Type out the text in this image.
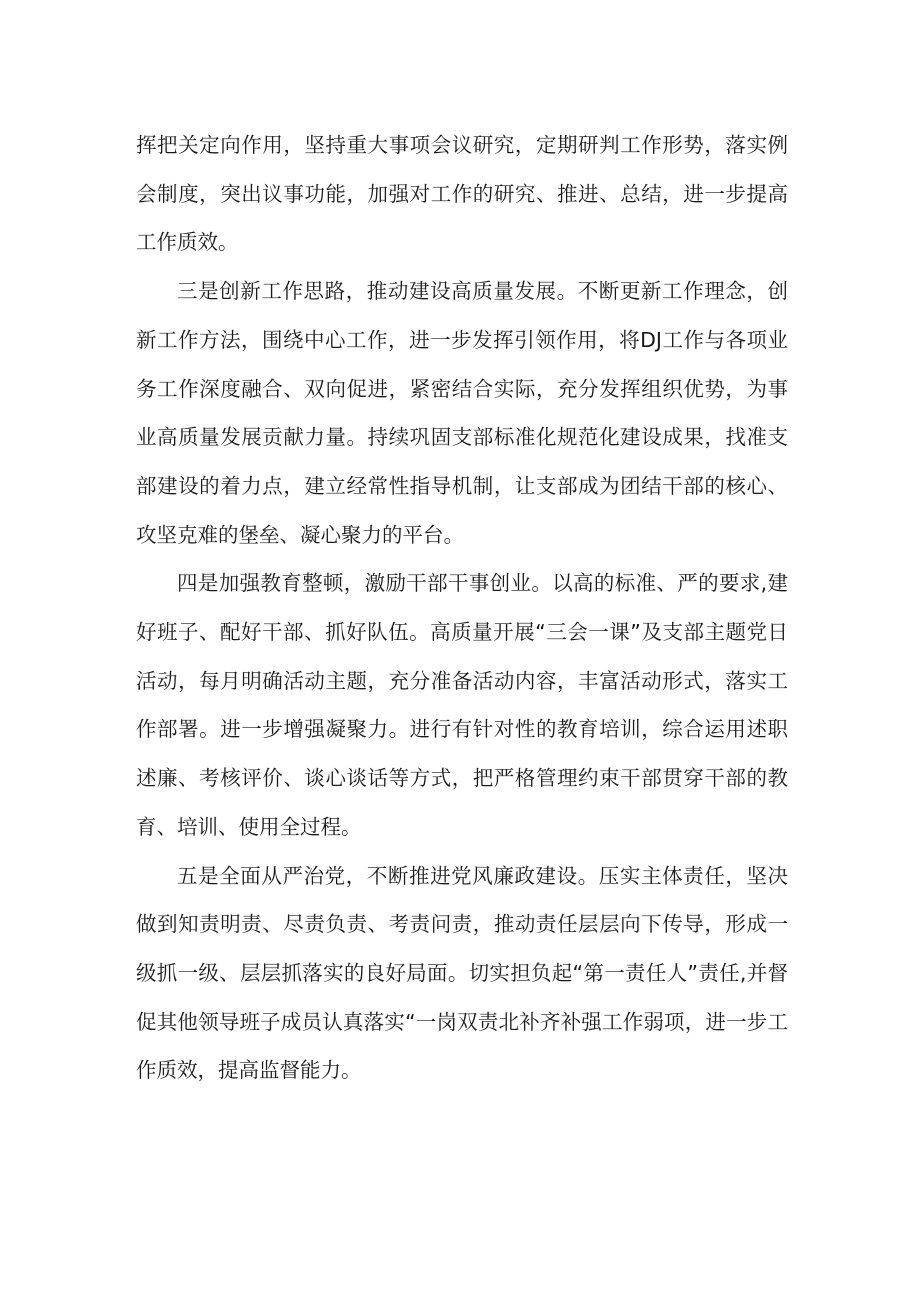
挥把关定向作用，坚持重大事项会议研究，定期研判工作形势，落实例会制度，突出议事功能，加强对工作的研究、推进、总结，进一步提高工作质效。

三是创新工作思路，推动建设高质量发展。不断更新工作理念，创新工作方法，围绕中心工作，进一步发挥引领作用，将DJ工作与各项业务工作深度融合、双向促进，紧密结合实际，充分发挥组织优势，为事业高质量发展贡献力量。持续巩固支部标准化规范化建设成果，找准支部建设的着力点，建立经常性指导机制，让支部成为团结干部的核心、攻坚克难的堡垒、凝心聚力的平台。

四是加强教育整顿，激励干部干事创业。以高的标准、严的要求,建好班子、配好干部、抓好队伍。高质量开展“三会一课”及支部主题党日活动，每月明确活动主题，充分准备活动内容，丰富活动形式，落实工作部署。进一步增强凝聚力。进行有针对性的教育培训，综合运用述职述廉、考核评价、谈心谈话等方式，把严格管理约束干部贯穿干部的教育、培训、使用全过程。

五是全面从严治党，不断推进党风廉政建设。压实主体责任，坚决做到知责明责、尽责负责、考责问责，推动责任层层向下传导，形成一级抓一级、层层抓落实的良好局面。切实担负起“第一责任人”责任,并督促其他领导班子成员认真落实“一岗双责北补齐补强工作弱项，进一步工作质效，提高监督能力。
